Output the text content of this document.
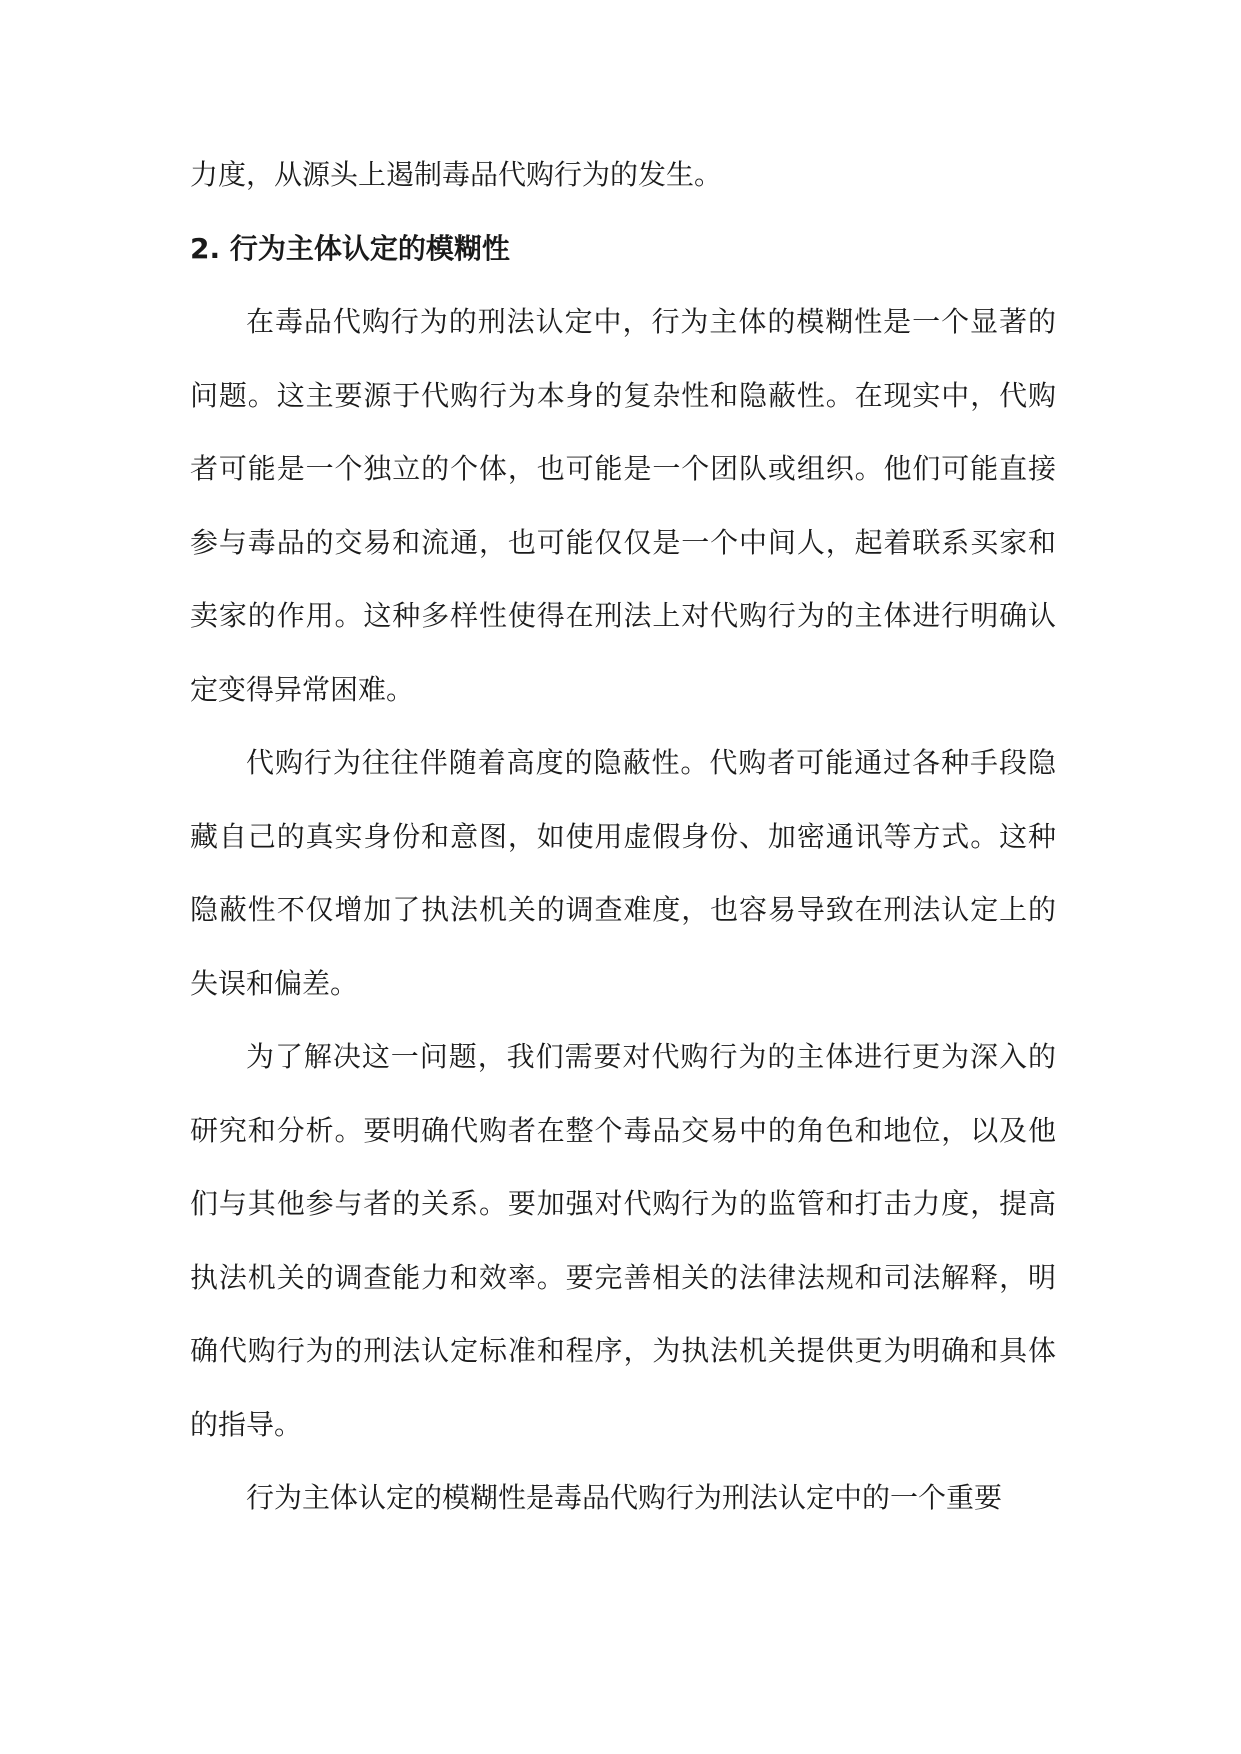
力度，从源头上遏制毒品代购行为的发生。

2. 行为主体认定的模糊性

在毒品代购行为的刑法认定中，行为主体的模糊性是一个显著的问题。这主要源于代购行为本身的复杂性和隐蔽性。在现实中，代购者可能是一个独立的个体，也可能是一个团队或组织。他们可能直接参与毒品的交易和流通，也可能仅仅是一个中间人，起着联系买家和卖家的作用。这种多样性使得在刑法上对代购行为的主体进行明确认定变得异常困难。

代购行为往往伴随着高度的隐蔽性。代购者可能通过各种手段隐藏自己的真实身份和意图，如使用虚假身份、加密通讯等方式。这种隐蔽性不仅增加了执法机关的调查难度，也容易导致在刑法认定上的失误和偏差。

为了解决这一问题，我们需要对代购行为的主体进行更为深入的研究和分析。要明确代购者在整个毒品交易中的角色和地位，以及他们与其他参与者的关系。要加强对代购行为的监管和打击力度，提高执法机关的调查能力和效率。要完善相关的法律法规和司法解释，明确代购行为的刑法认定标准和程序，为执法机关提供更为明确和具体的指导。

行为主体认定的模糊性是毒品代购行为刑法认定中的一个重要
